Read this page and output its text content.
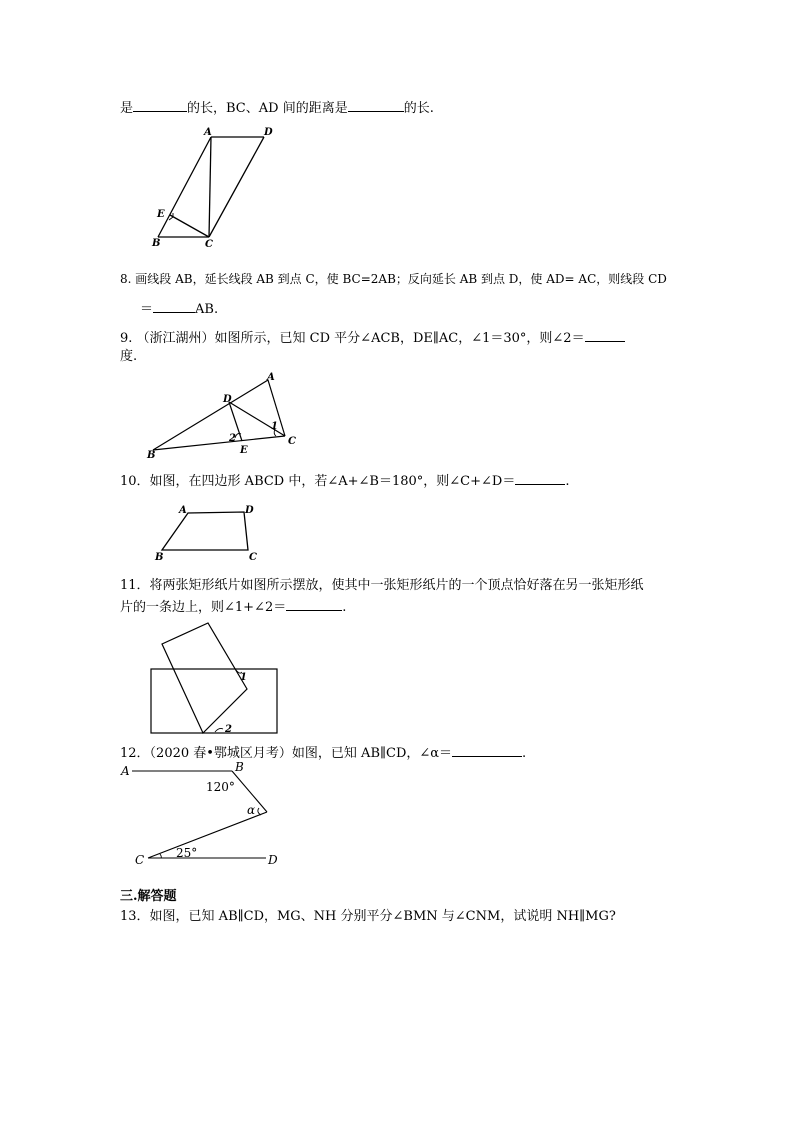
是	的长，BC、AD 间的距离是	的长.
A	D
E
B	C
8. 画线段 AB，延长线段 AB 到点 C，使 BC=2AB；反向延长 AB 到点 D，使 AD= AC，则线段 CD
＝	AB.
9. （浙江湖州）如图所示，已知 CD 平分∠ACB，DE∥AC，∠1＝30°，则∠2＝
度.
A
D
B	E
C
1
2
10．如图，在四边形 ABCD 中，若∠A+∠B＝180°，则∠C+∠D＝	.
A	D
B	C
11．将两张矩形纸片如图所示摆放，使其中一张矩形纸片的一个顶点恰好落在另一张矩形纸
片的一条边上，则∠1+∠2＝	.
1
2
12．（2020 春•鄂城区月考）如图，已知 AB∥CD，∠α＝	.
A	B
C	D
α
120°
25°
三.解答题
13．如图，已知 AB∥CD，MG、NH 分别平分∠BMN 与∠CNM，试说明 NH∥MG?
